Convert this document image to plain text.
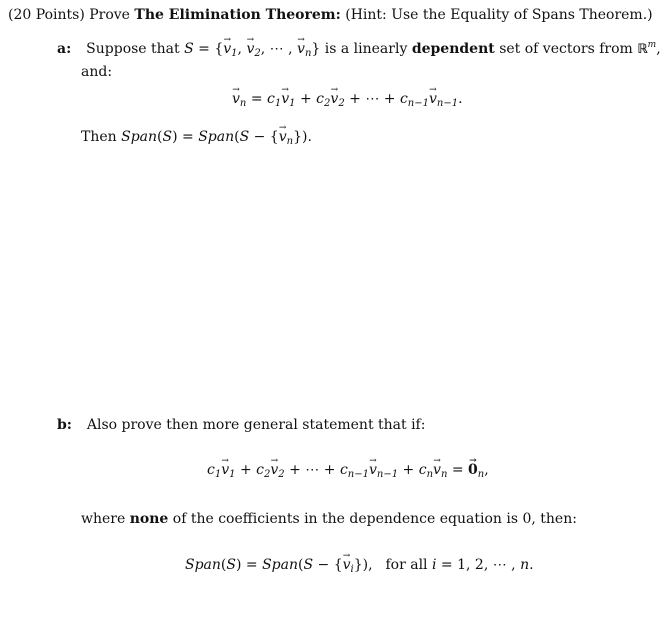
(20 Points) Prove The Elimination Theorem: (Hint: Use the Equality of Spans Theorem.)
a: Suppose that S = {→ $v_1$, → $v_2$, ⋯ , → $v_n$} is a linearly dependent set of vectors from ℝ$^m$,
and:
→ $v_n = c_1\to v_1 + c_2\to v_2$ + ⋯ + $c_{n-1}\to v_{n-1}$.
Then Span(S) = Span(S − {→ $v_n$}).
b: Also prove then more general statement that if:
$c_1\to v_1 + c_2\to v_2$ + ⋯ + $c_{n-1}\to v_{n-1} + c_n\to v_n$ = → $0_n$,
where none of the coefficients in the dependence equation is 0, then:
Span(S) = Span(S − {→ $v_i$}),  for all i = 1, 2, ⋯ , n.
